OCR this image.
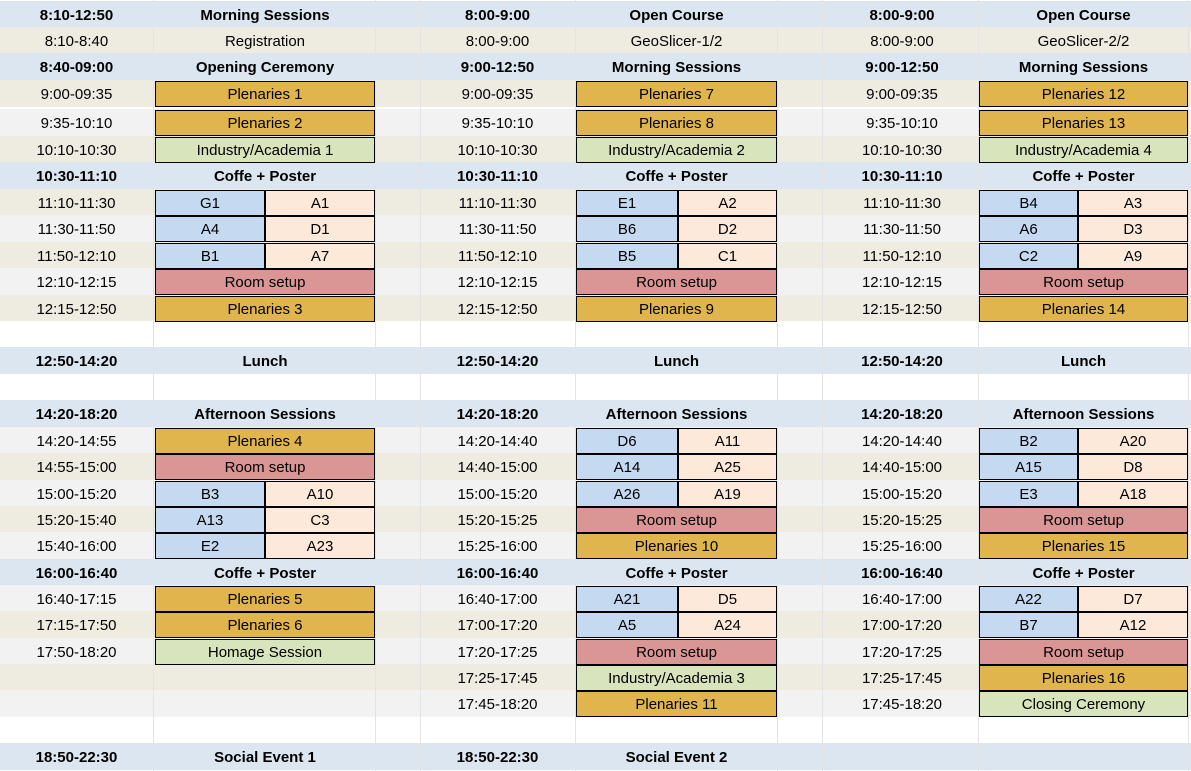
8:10-12:50	Morning Sessions
8:10-8:40	Registration
8:40-09:00	Opening Ceremony
9:00-09:35	Plenaries 1
9:35-10:10	Plenaries 2
10:10-10:30	Industry/Academia 1
10:30-11:10	Coffe + Poster
11:10-11:30	G1	A1
11:30-11:50	A4	D1
11:50-12:10	B1	A7
12:10-12:15	Room setup
12:15-12:50	Plenaries 3
12:50-14:20	Lunch
14:20-18:20	Afternoon Sessions
14:20-14:55	Plenaries 4
14:55-15:00	Room setup
15:00-15:20	B3	A10
15:20-15:40	A13	C3
15:40-16:00	E2	A23
16:00-16:40	Coffe + Poster
16:40-17:15	Plenaries 5
17:15-17:50	Plenaries 6
17:50-18:20	Homage Session
18:50-22:30	Social Event 1
8:00-9:00	Open Course
8:00-9:00	GeoSlicer-1/2
9:00-12:50	Morning Sessions
9:00-09:35	Plenaries 7
9:35-10:10	Plenaries 8
10:10-10:30	Industry/Academia 2
10:30-11:10	Coffe + Poster
11:10-11:30	E1	A2
11:30-11:50	B6	D2
11:50-12:10	B5	C1
12:10-12:15	Room setup
12:15-12:50	Plenaries 9
12:50-14:20	Lunch
14:20-18:20	Afternoon Sessions
14:20-14:40	D6	A11
14:40-15:00	A14	A25
15:00-15:20	A26	A19
15:20-15:25	Room setup
15:25-16:00	Plenaries 10
16:00-16:40	Coffe + Poster
16:40-17:00	A21	D5
17:00-17:20	A5	A24
17:20-17:25	Room setup
17:25-17:45	Industry/Academia 3
17:45-18:20	Plenaries 11
18:50-22:30	Social Event 2
8:00-9:00	Open Course
8:00-9:00	GeoSlicer-2/2
9:00-12:50	Morning Sessions
9:00-09:35	Plenaries 12
9:35-10:10	Plenaries 13
10:10-10:30	Industry/Academia 4
10:30-11:10	Coffe + Poster
11:10-11:30	B4	A3
11:30-11:50	A6	D3
11:50-12:10	C2	A9
12:10-12:15	Room setup
12:15-12:50	Plenaries 14
12:50-14:20	Lunch
14:20-18:20	Afternoon Sessions
14:20-14:40	B2	A20
14:40-15:00	A15	D8
15:00-15:20	E3	A18
15:20-15:25	Room setup
15:25-16:00	Plenaries 15
16:00-16:40	Coffe + Poster
16:40-17:00	A22	D7
17:00-17:20	B7	A12
17:20-17:25	Room setup
17:25-17:45	Plenaries 16
17:45-18:20	Closing Ceremony
